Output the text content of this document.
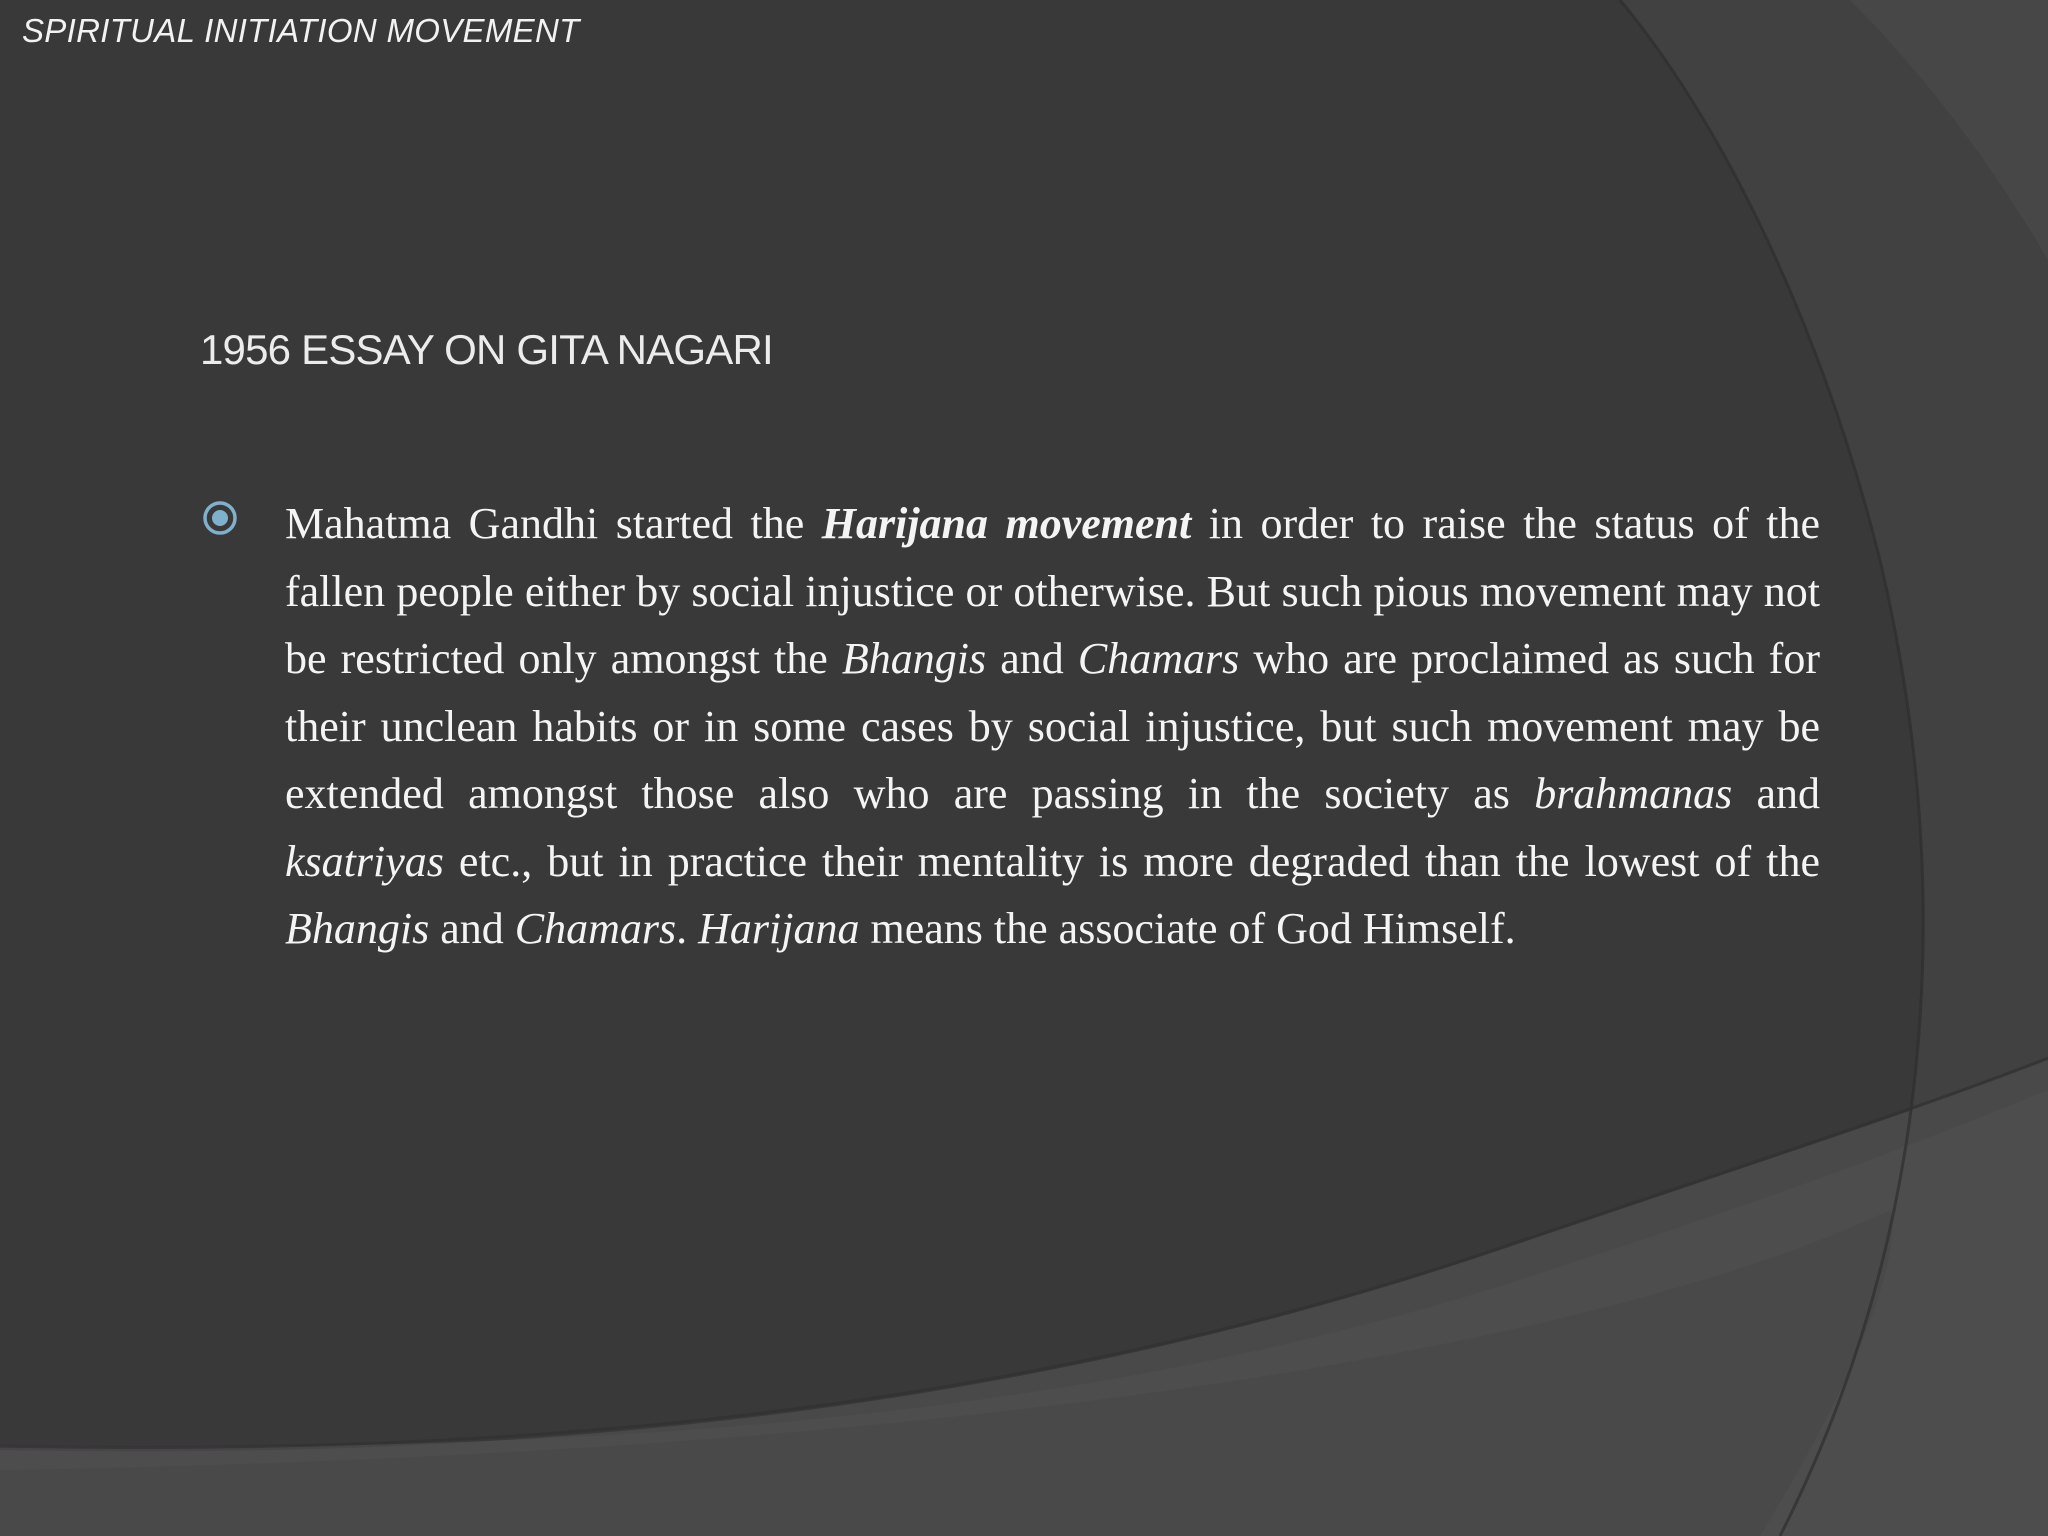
SPIRITUAL INITIATION MOVEMENT
1956 ESSAY ON GITA NAGARI
Mahatma Gandhi started the Harijana movement in order to raise the status of the fallen people either by social injustice or otherwise. But such pious movement may not be restricted only amongst the Bhangis and Chamars who are proclaimed as such for their unclean habits or in some cases by social injustice, but such movement may be extended amongst those also who are passing in the society as brahmanas and ksatriyas etc., but in practice their mentality is more degraded than the lowest of the Bhangis and Chamars. Harijana means the associate of God Himself.
